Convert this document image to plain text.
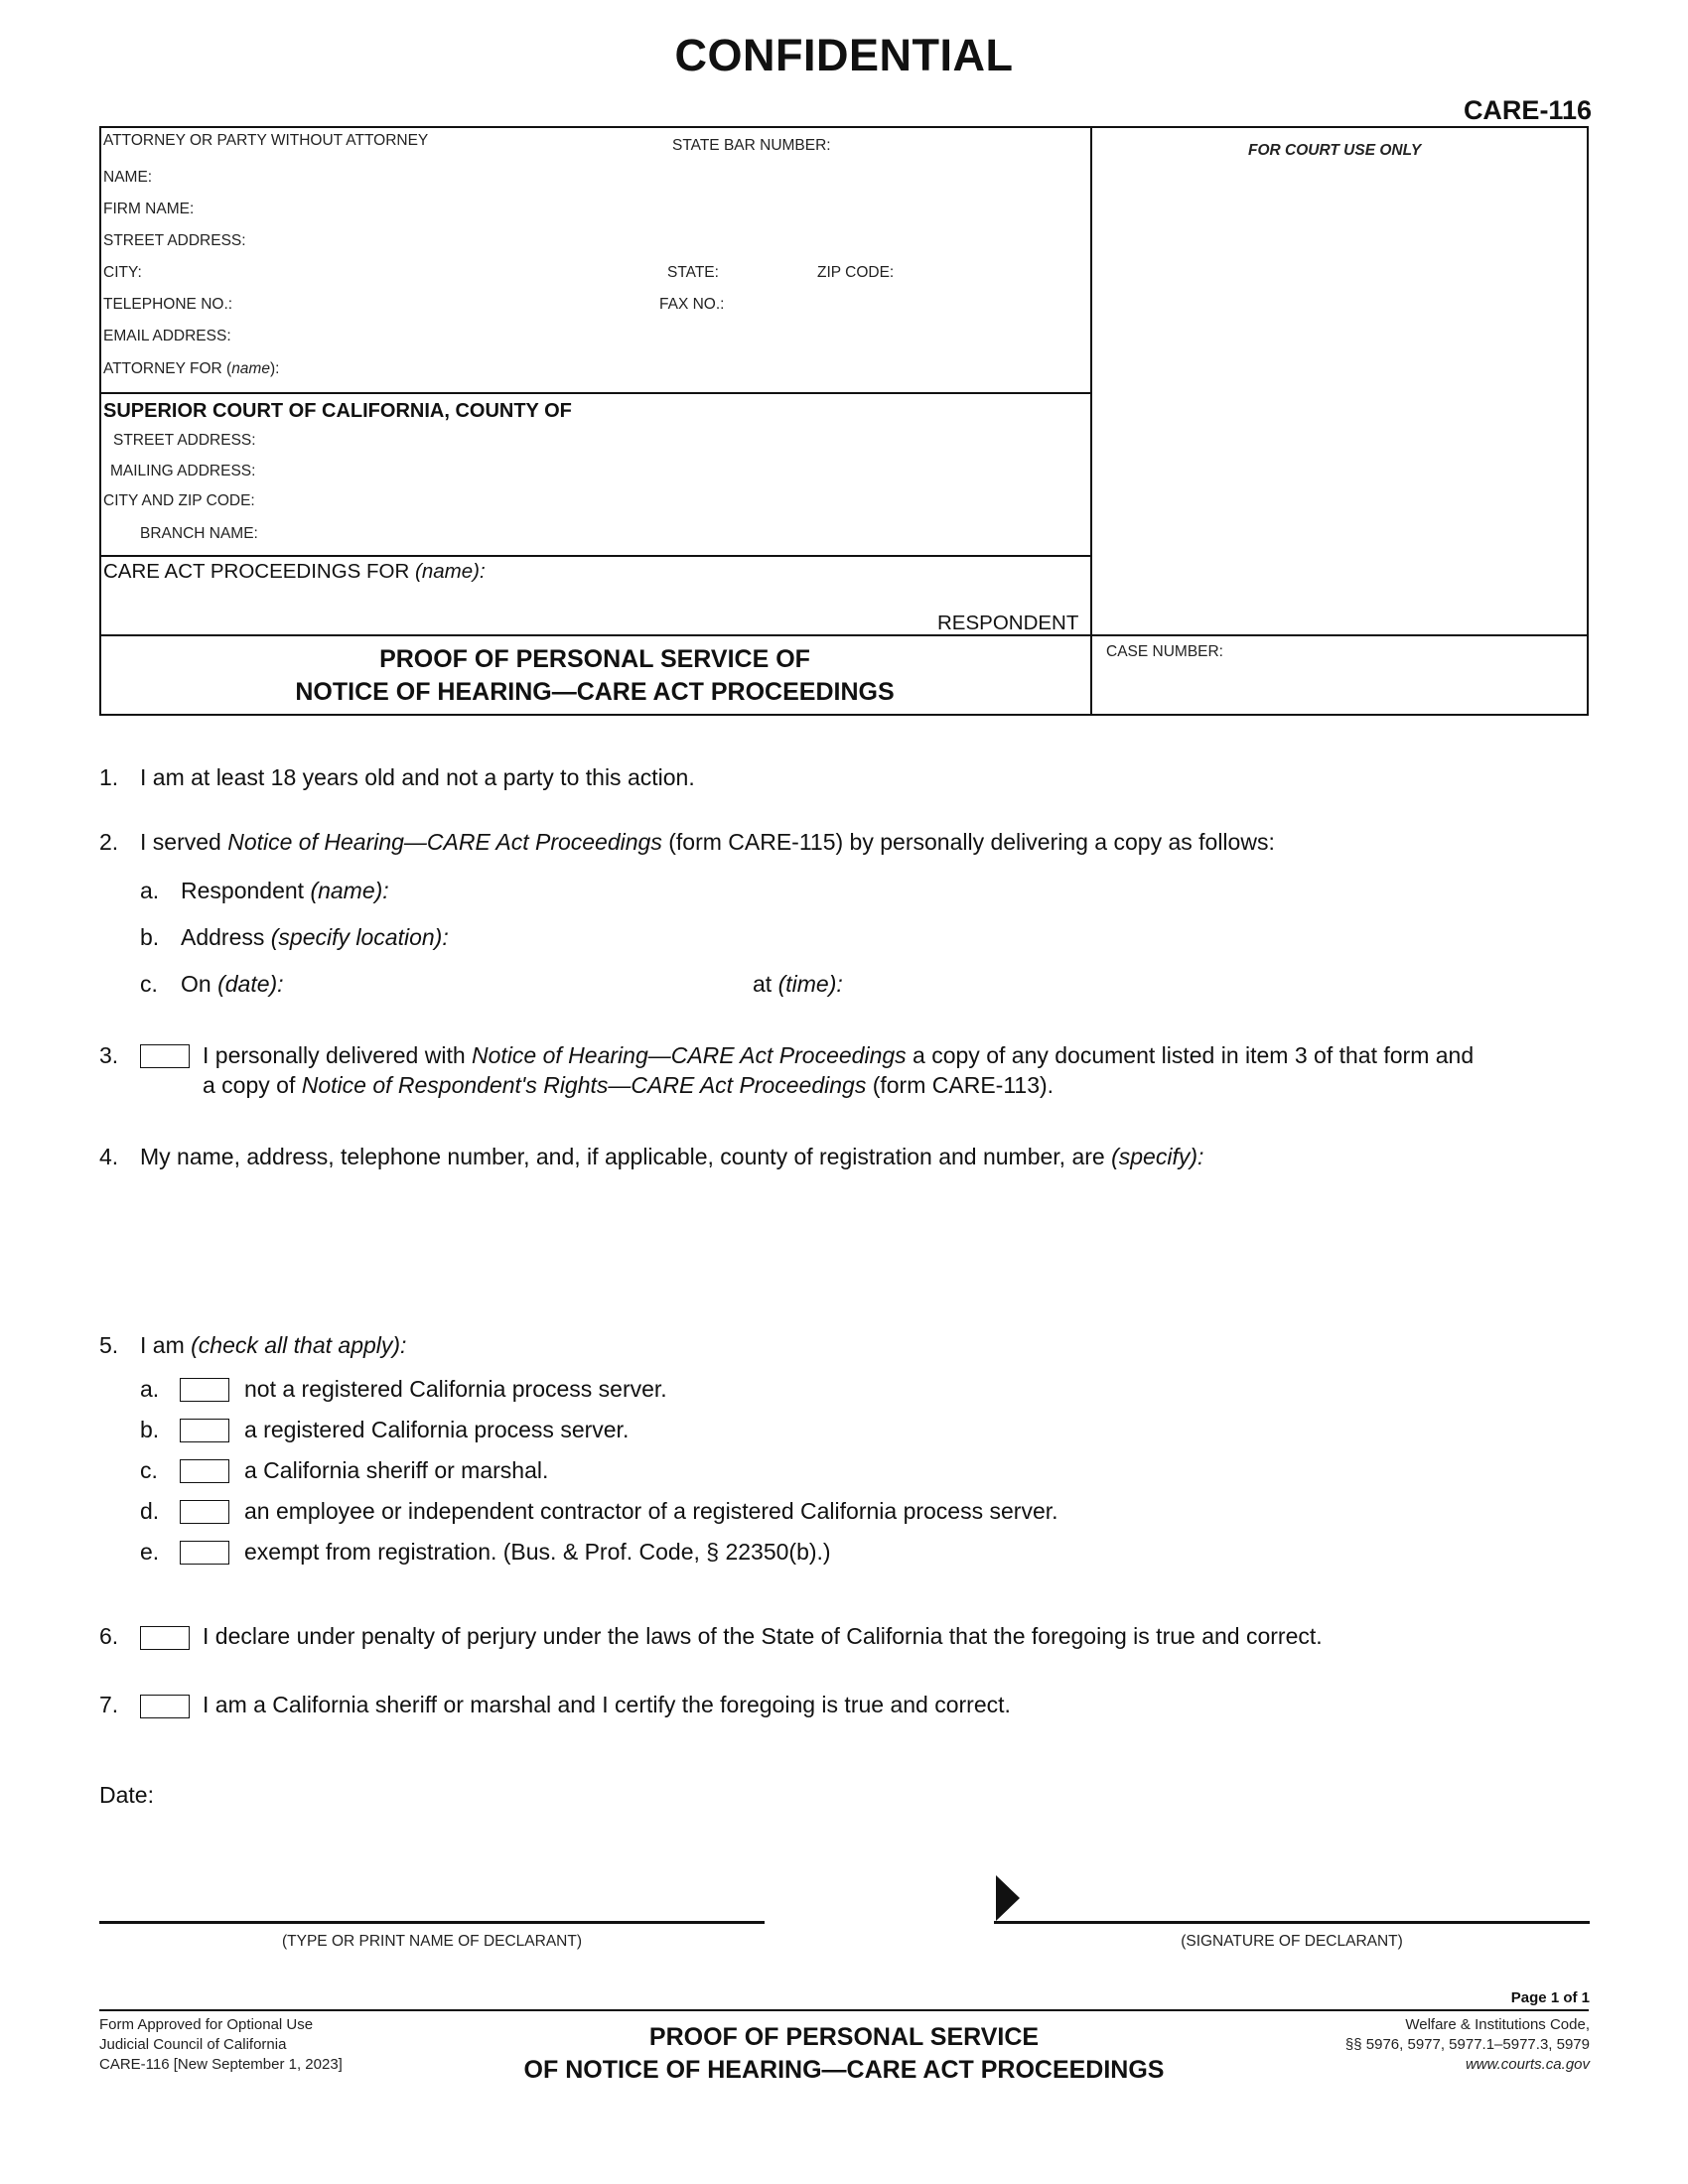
CONFIDENTIAL
CARE-116
ATTORNEY OR PARTY WITHOUT ATTORNEY	STATE BAR NUMBER:
NAME:
FIRM NAME:
STREET ADDRESS:
CITY:	STATE:	ZIP CODE:
TELEPHONE NO.:	FAX NO.:
EMAIL ADDRESS:
ATTORNEY FOR (name):
FOR COURT USE ONLY
SUPERIOR COURT OF CALIFORNIA, COUNTY OF
STREET ADDRESS:
MAILING ADDRESS:
CITY AND ZIP CODE:
BRANCH NAME:
CARE ACT PROCEEDINGS FOR (name):
RESPONDENT
PROOF OF PERSONAL SERVICE OF
NOTICE OF HEARING—CARE ACT PROCEEDINGS
CASE NUMBER:
1. I am at least 18 years old and not a party to this action.
2. I served Notice of Hearing—CARE Act Proceedings (form CARE-115) by personally delivering a copy as follows:
a. Respondent (name):
b. Address (specify location):
c. On (date):	at (time):
3.	I personally delivered with Notice of Hearing—CARE Act Proceedings a copy of any document listed in item 3 of that form and
a copy of Notice of Respondent's Rights—CARE Act Proceedings (form CARE-113).
4. My name, address, telephone number, and, if applicable, county of registration and number, are (specify):
5. I am (check all that apply):
a.	not a registered California process server.
b.	a registered California process server.
c.	a California sheriff or marshal.
d.	an employee or independent contractor of a registered California process server.
e.	exempt from registration. (Bus. & Prof. Code, § 22350(b).)
6.	I declare under penalty of perjury under the laws of the State of California that the foregoing is true and correct.
7.	I am a California sheriff or marshal and I certify the foregoing is true and correct.
Date:
(TYPE OR PRINT NAME OF DECLARANT)	(SIGNATURE OF DECLARANT)
Page 1 of 1
Form Approved for Optional Use
Judicial Council of California
CARE-116 [New September 1, 2023]
PROOF OF PERSONAL SERVICE
OF NOTICE OF HEARING—CARE ACT PROCEEDINGS
Welfare & Institutions Code,
§§ 5976, 5977, 5977.1–5977.3, 5979
www.courts.ca.gov
